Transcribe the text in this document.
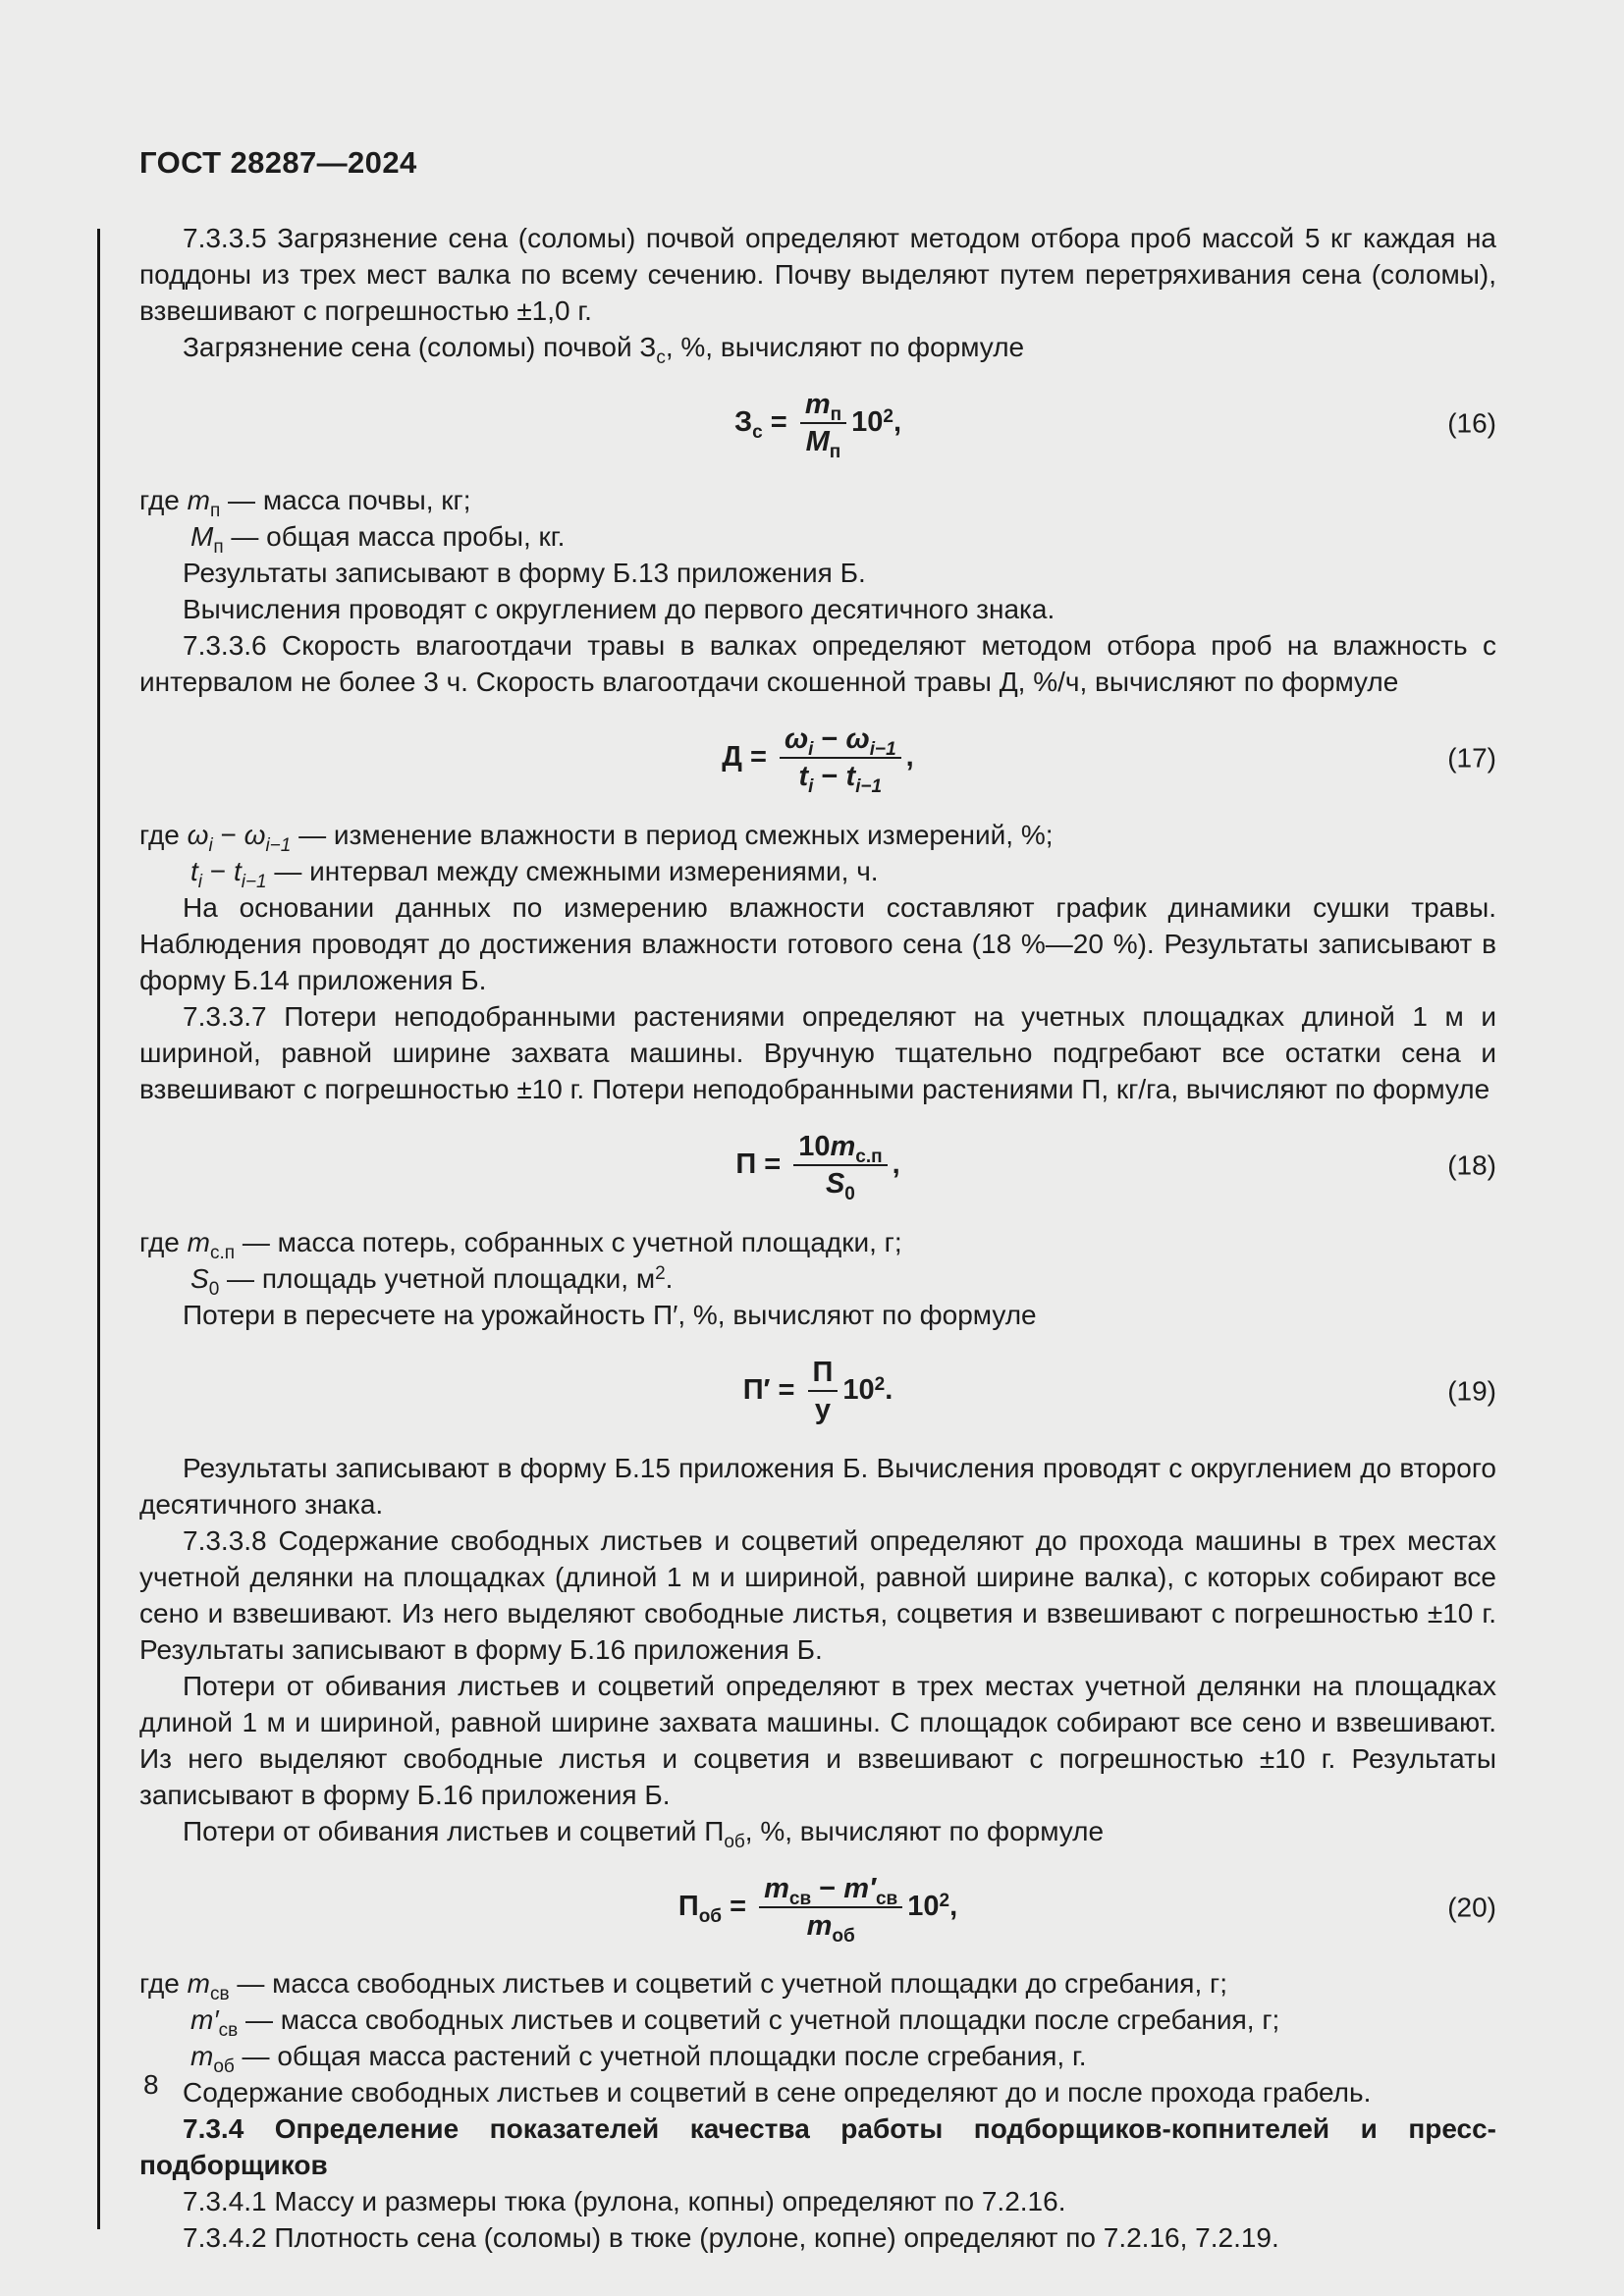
ГОСТ 28287—2024

7.3.3.5 Загрязнение сена (соломы) почвой определяют методом отбора проб массой 5 кг каждая на поддоны из трех мест валка по всему сечению. Почву выделяют путем перетряхивания сена (соломы), взвешивают с погрешностью ±1,0 г.

Загрязнение сена (соломы) почвой $З_с$, %, вычисляют по формуле

$З_с = \frac{m_п}{M_п} 10^2$,	(16)

где $m_п$ — масса почвы, кг;

$M_п$ — общая масса пробы, кг.

Результаты записывают в форму Б.13 приложения Б.

Вычисления проводят с округлением до первого десятичного знака.

7.3.3.6 Скорость влагоотдачи травы в валках определяют методом отбора проб на влажность с интервалом не более 3 ч. Скорость влагоотдачи скошенной травы Д, %/ч, вычисляют по формуле

$Д = \frac{\omega_i - \omega_{i-1}}{t_i - t_{i-1}}$ ,	(17)

где $\omega_i - \omega_{i-1}$ — изменение влажности в период смежных измерений, %;

$t_i - t_{i-1}$ — интервал между смежными измерениями, ч.

На основании данных по измерению влажности составляют график динамики сушки травы. Наблюдения проводят до достижения влажности готового сена (18 %—20 %). Результаты записывают в форму Б.14 приложения Б.

7.3.3.7 Потери неподобранными растениями определяют на учетных площадках длиной 1 м и шириной, равной ширине захвата машины. Вручную тщательно подгребают все остатки сена и взвешивают с погрешностью ±10 г. Потери неподобранными растениями П, кг/га, вычисляют по формуле

$П = \frac{10m_{с.п}}{S_0}$ ,	(18)

где $m_{с.п}$ — масса потерь, собранных с учетной площадки, г;

$S_0$ — площадь учетной площадки, $м^2$.

Потери в пересчете на урожайность П′, %, вычисляют по формуле

$П' = \frac{П}{у} 10^2$.	(19)

Результаты записывают в форму Б.15 приложения Б. Вычисления проводят с округлением до второго десятичного знака.

7.3.3.8 Содержание свободных листьев и соцветий определяют до прохода машины в трех местах учетной делянки на площадках (длиной 1 м и шириной, равной ширине валка), с которых собирают все сено и взвешивают. Из него выделяют свободные листья, соцветия и взвешивают с погрешностью ±10 г. Результаты записывают в форму Б.16 приложения Б.

Потери от обивания листьев и соцветий определяют в трех местах учетной делянки на площадках длиной 1 м и шириной, равной ширине захвата машины. С площадок собирают все сено и взвешивают. Из него выделяют свободные листья и соцветия и взвешивают с погрешностью ±10 г. Результаты записывают в форму Б.16 приложения Б.

Потери от обивания листьев и соцветий $П_{об}$, %, вычисляют по формуле

$П_{об} = \frac{m_{св} - m'_{св}}{m_{об}} 10^2$,	(20)

где $m_{св}$ — масса свободных листьев и соцветий с учетной площадки до сгребания, г;

$m'_{св}$ — масса свободных листьев и соцветий с учетной площадки после сгребания, г;

$m_{об}$ — общая масса растений с учетной площадки после сгребания, г.

Содержание свободных листьев и соцветий в сене определяют до и после прохода грабель.

7.3.4 Определение показателей качества работы подборщиков-копнителей и пресс-подборщиков

7.3.4.1 Массу и размеры тюка (рулона, копны) определяют по 7.2.16.

7.3.4.2 Плотность сена (соломы) в тюке (рулоне, копне) определяют по 7.2.16, 7.2.19.

8
